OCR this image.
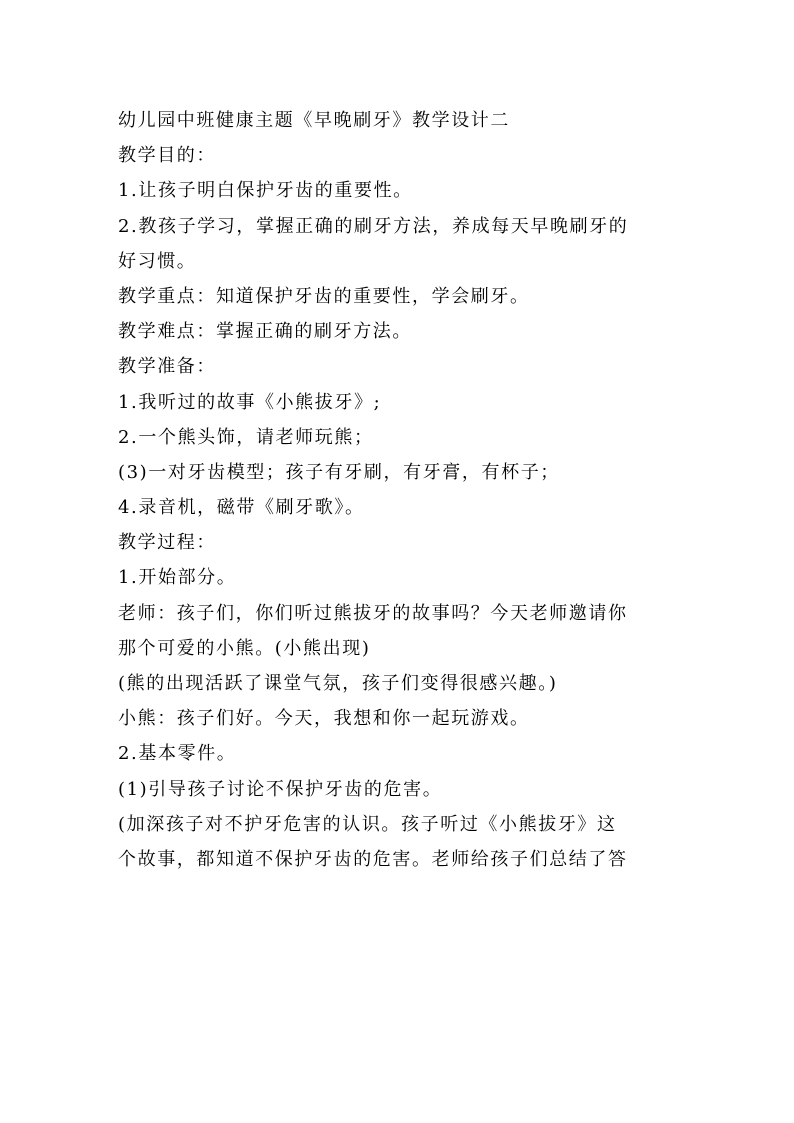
幼儿园中班健康主题《早晚刷牙》教学设计二
教学目的：
1.让孩子明白保护牙齿的重要性。
2.教孩子学习，掌握正确的刷牙方法，养成每天早晚刷牙的
好习惯。
教学重点：知道保护牙齿的重要性，学会刷牙。
教学难点：掌握正确的刷牙方法。
教学准备：
1.我听过的故事《小熊拔牙》;
2.一个熊头饰，请老师玩熊；
(3)一对牙齿模型；孩子有牙刷，有牙膏，有杯子；
4.录音机，磁带《刷牙歌》。
教学过程：
1.开始部分。
老师：孩子们，你们听过熊拔牙的故事吗？今天老师邀请你
那个可爱的小熊。(小熊出现)
(熊的出现活跃了课堂气氛，孩子们变得很感兴趣。)
小熊：孩子们好。今天，我想和你一起玩游戏。
2.基本零件。
(1)引导孩子讨论不保护牙齿的危害。
(加深孩子对不护牙危害的认识。孩子听过《小熊拔牙》这
个故事，都知道不保护牙齿的危害。老师给孩子们总结了答
